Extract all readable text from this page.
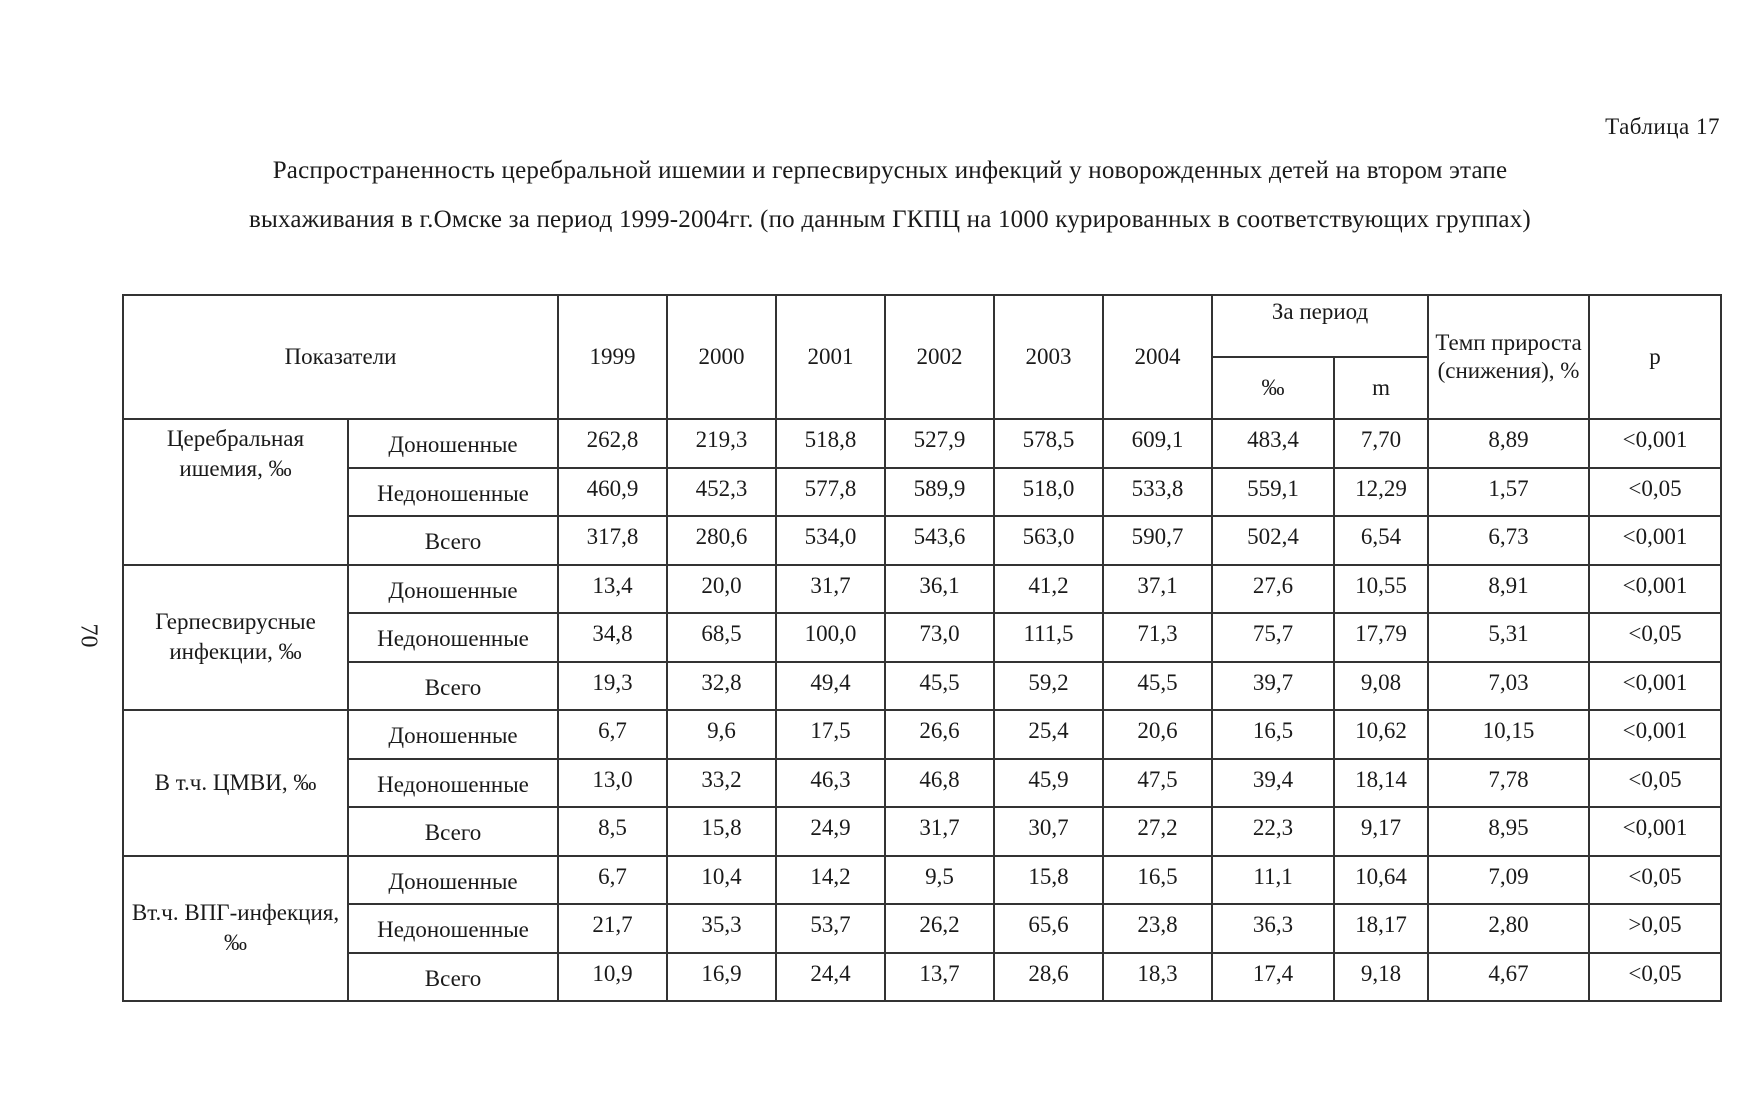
Таблица 17
Распространенность церебральной ишемии и герпесвирусных инфекций у новорожденных детей на втором этапе
выхаживания в г.Омске за период 1999-2004гг. (по данным ГКПЦ на 1000 курированных в соответствующих группах)
70
Показатели		1999	2000	2001	2002	2003	2004	За период		Темп прироста (снижения), %	р
								‰	m		
Церебральная ишемия, ‰	Доношенные	262,8	219,3	518,8	527,9	578,5	609,1	483,4	7,70	8,89	<0,001
	Недоношенные	460,9	452,3	577,8	589,9	518,0	533,8	559,1	12,29	1,57	<0,05
	Всего	317,8	280,6	534,0	543,6	563,0	590,7	502,4	6,54	6,73	<0,001
Герпесвирусные инфекции, ‰	Доношенные	13,4	20,0	31,7	36,1	41,2	37,1	27,6	10,55	8,91	<0,001
	Недоношенные	34,8	68,5	100,0	73,0	111,5	71,3	75,7	17,79	5,31	<0,05
	Всего	19,3	32,8	49,4	45,5	59,2	45,5	39,7	9,08	7,03	<0,001
В т.ч. ЦМВИ, ‰	Доношенные	6,7	9,6	17,5	26,6	25,4	20,6	16,5	10,62	10,15	<0,001
	Недоношенные	13,0	33,2	46,3	46,8	45,9	47,5	39,4	18,14	7,78	<0,05
	Всего	8,5	15,8	24,9	31,7	30,7	27,2	22,3	9,17	8,95	<0,001
Вт.ч. ВПГ-инфекция, ‰	Доношенные	6,7	10,4	14,2	9,5	15,8	16,5	11,1	10,64	7,09	<0,05
	Недоношенные	21,7	35,3	53,7	26,2	65,6	23,8	36,3	18,17	2,80	>0,05
	Всего	10,9	16,9	24,4	13,7	28,6	18,3	17,4	9,18	4,67	<0,05
